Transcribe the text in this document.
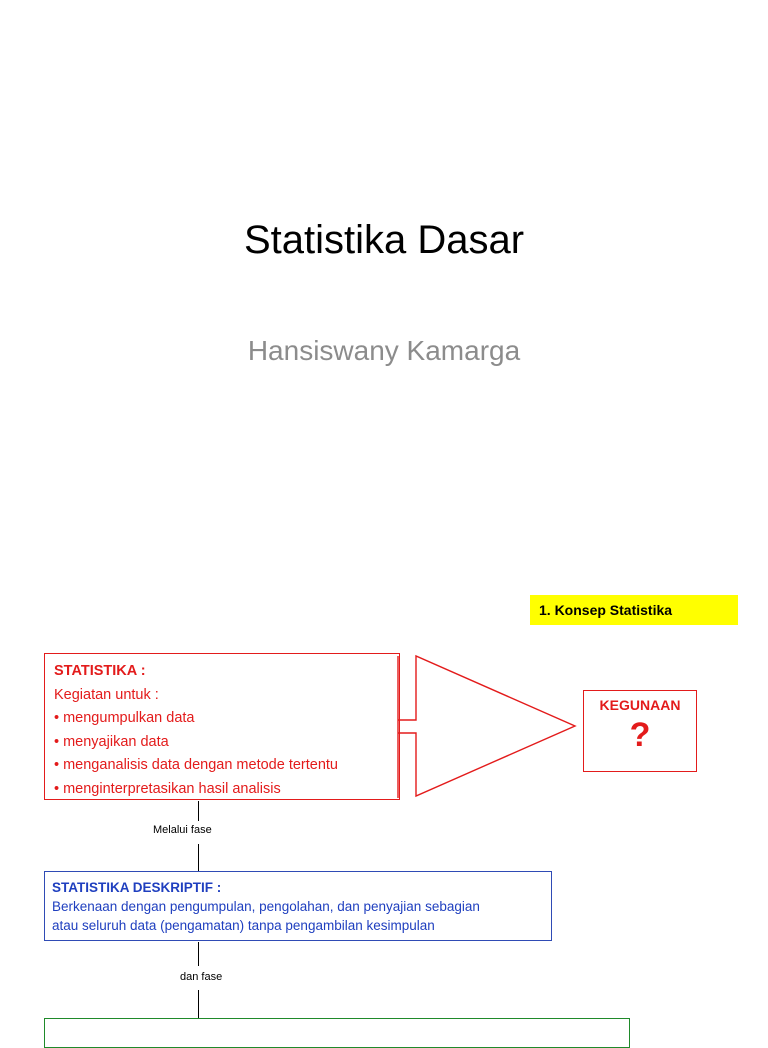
Statistika Dasar
Hansiswany Kamarga
1. Konsep Statistika
STATISTIKA :
Kegiatan untuk :
• mengumpulkan data
• menyajikan data
• menganalisis data dengan metode tertentu
• menginterpretasikan hasil analisis
KEGUNAAN
?
Melalui fase
STATISTIKA DESKRIPTIF :
Berkenaan dengan pengumpulan, pengolahan, dan penyajian sebagian
atau seluruh data (pengamatan) tanpa pengambilan kesimpulan
dan fase
